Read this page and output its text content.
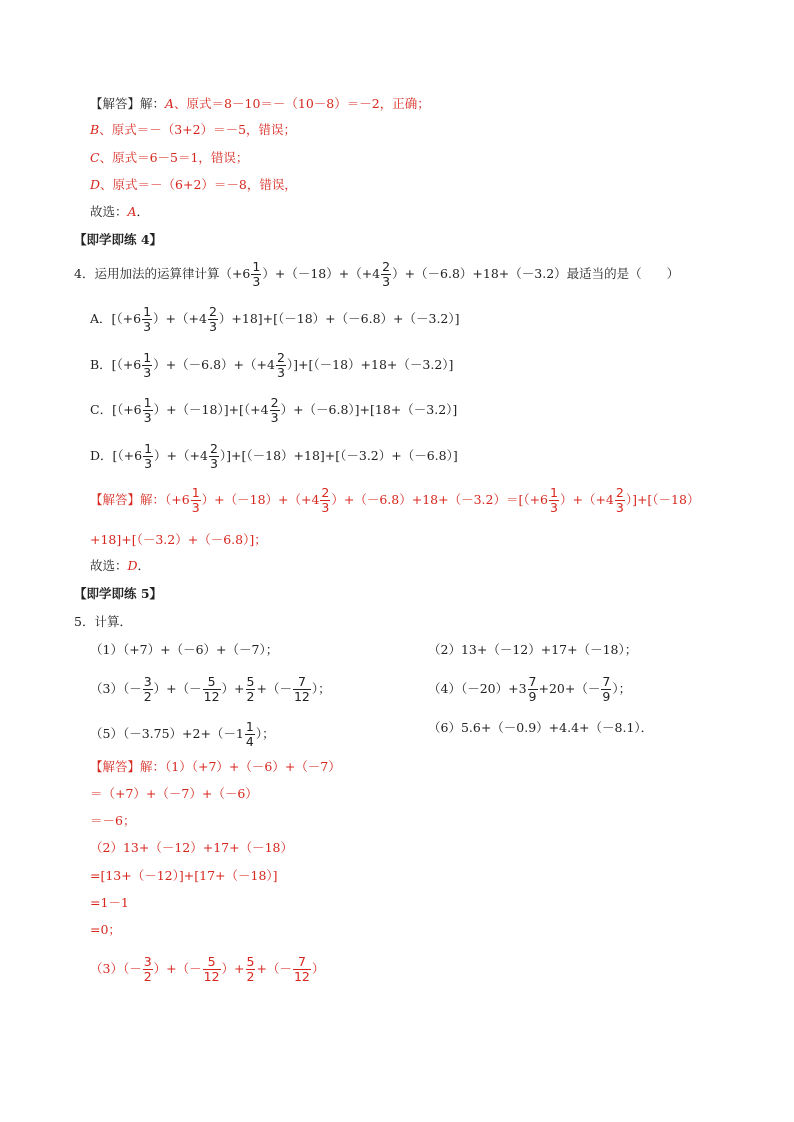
【解答】解：A、原式＝8－10＝－（10－8）＝－2，正确；
B、原式＝－（3+2）＝－5，错误；
C、原式＝6－5＝1，错误；
D、原式＝－（6+2）＝－8，错误，
故选：A．
【即学即练 4】
4．运用加法的运算律计算$(+6 \frac{1}{3} )+(-18)+(+4 \frac{2}{3} )+(-6.8)+18+(-3.2)$最适当的是（　　）
A．$[(+6 \frac{1}{3} )+(+4 \frac{2}{3} )+18]+[(-18)+(-6.8)+(-3.2)]$
B．$[(+6 \frac{1}{3} )+(-6.8)+(+4 \frac{2}{3} )]+[(-18)+18+(-3.2)]$
C．$[(+6 \frac{1}{3} )+(-18)]+[(+4 \frac{2}{3} )+(-6.8)]+[18+(-3.2)]$
D．$[(+6 \frac{1}{3} )+(+4 \frac{2}{3} )]+[(-18)+18]+[(-3.2)+(-6.8)]$
【解答】解：$(+6 \frac{1}{3} )+(-18)+(+4 \frac{2}{3} )+(-6.8)+18+(-3.2)=[(+6 \frac{1}{3} )+(+4 \frac{2}{3} )]+[(-18)$
+18]+[（－3.2）+（－6.8）]；
故选：D．
【即学即练 5】
5．计算．
（1）（+7）+（－6）+（－7）；	（2）13+（－12）+17+（－18）；
$(3)(- \frac{3}{2}$ ）+（－ $\frac{5}{12}$ ）+ $\frac{5}{2}$ +（－ $\frac{7}{12}$ ）；	$(4)(-20)+3 \frac{7}{9} +20+(- \frac{7}{9}$ ）；
$(5)(-3.75)+2+(-1 \frac{1}{4}$ ）；	（6）5.6+（－0.9）+4.4+（－8.1）．
【解答】解：（1）（+7）+（－6）+（－7）
＝（+7）+（－7）+（－6）
＝－6；
（2）13+（－12）+17+（－18）
=[13+（－12）]+[17+（－18）]
=1－1
=0；
$(3)(- \frac{3}{2}$ ）+（－ $\frac{5}{12}$ ）+ $\frac{5}{2}$ +（－ $\frac{7}{12}$ ）
